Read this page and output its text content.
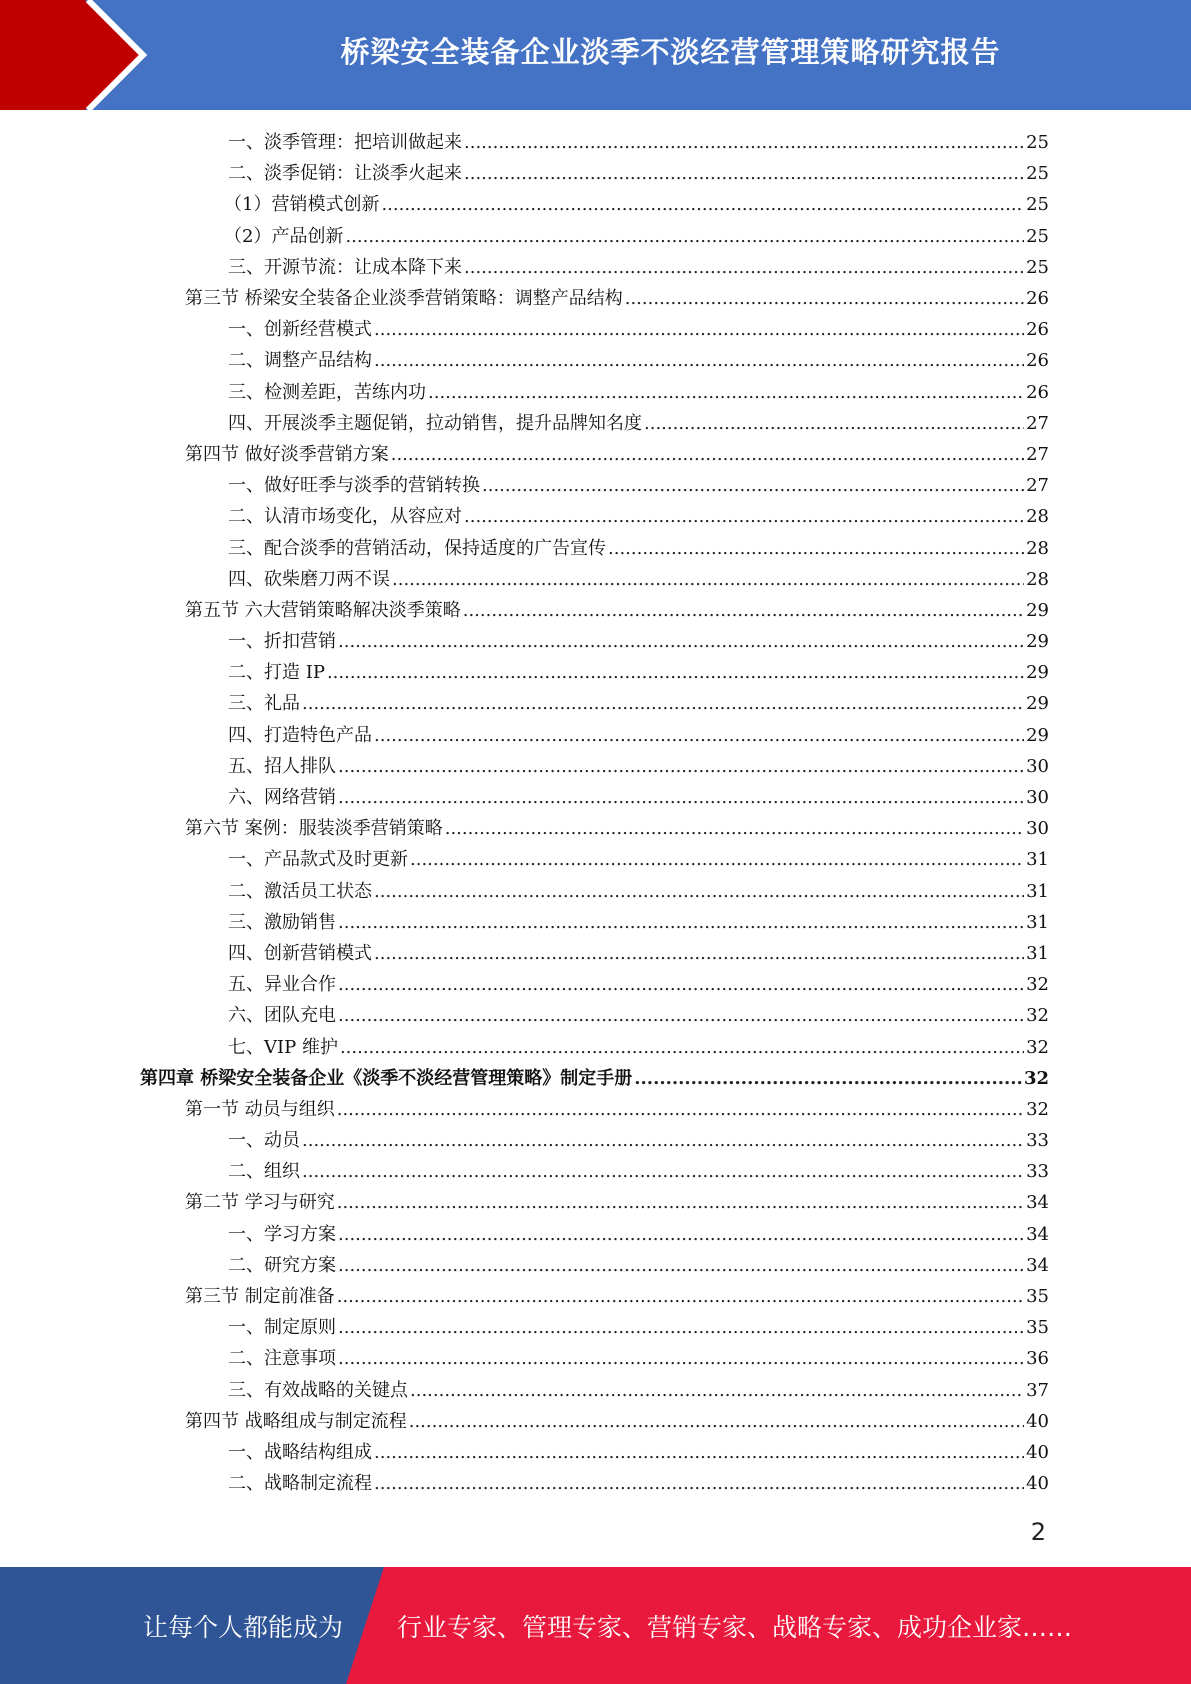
桥梁安全装备企业淡季不淡经营管理策略研究报告
一、淡季管理：把培训做起来 .....	25
二、淡季促销：让淡季火起来 .....	25
（1）营销模式创新 .....	25
（2）产品创新 .....	25
三、开源节流：让成本降下来 .....	25
第三节 桥梁安全装备企业淡季营销策略：调整产品结构 .....	26
一、创新经营模式 .....	26
二、调整产品结构 .....	26
三、检测差距，苦练内功 .....	26
四、开展淡季主题促销，拉动销售，提升品牌知名度 .....	27
第四节 做好淡季营销方案 .....	27
一、做好旺季与淡季的营销转换 .....	27
二、认清市场变化，从容应对 .....	28
三、配合淡季的营销活动，保持适度的广告宣传 .....	28
四、砍柴磨刀两不误 .....	28
第五节 六大营销策略解决淡季策略 .....	29
一、折扣营销 .....	29
二、打造 IP .....	29
三、礼品 .....	29
四、打造特色产品 .....	29
五、招人排队 .....	30
六、网络营销 .....	30
第六节 案例：服装淡季营销策略 .....	30
一、产品款式及时更新 .....	31
二、激活员工状态 .....	31
三、激励销售 .....	31
四、创新营销模式 .....	31
五、异业合作 .....	32
六、团队充电 .....	32
七、VIP 维护 .....	32
第四章 桥梁安全装备企业《淡季不淡经营管理策略》制定手册 .....	32
第一节 动员与组织 .....	32
一、动员 .....	33
二、组织 .....	33
第二节 学习与研究 .....	34
一、学习方案 .....	34
二、研究方案 .....	34
第三节 制定前准备 .....	35
一、制定原则 .....	35
二、注意事项 .....	36
三、有效战略的关键点 .....	37
第四节 战略组成与制定流程 .....	40
一、战略结构组成 .....	40
二、战略制定流程 .....	40
2
让每个人都能成为 行业专家、管理专家、营销专家、战略专家、成功企业家……
